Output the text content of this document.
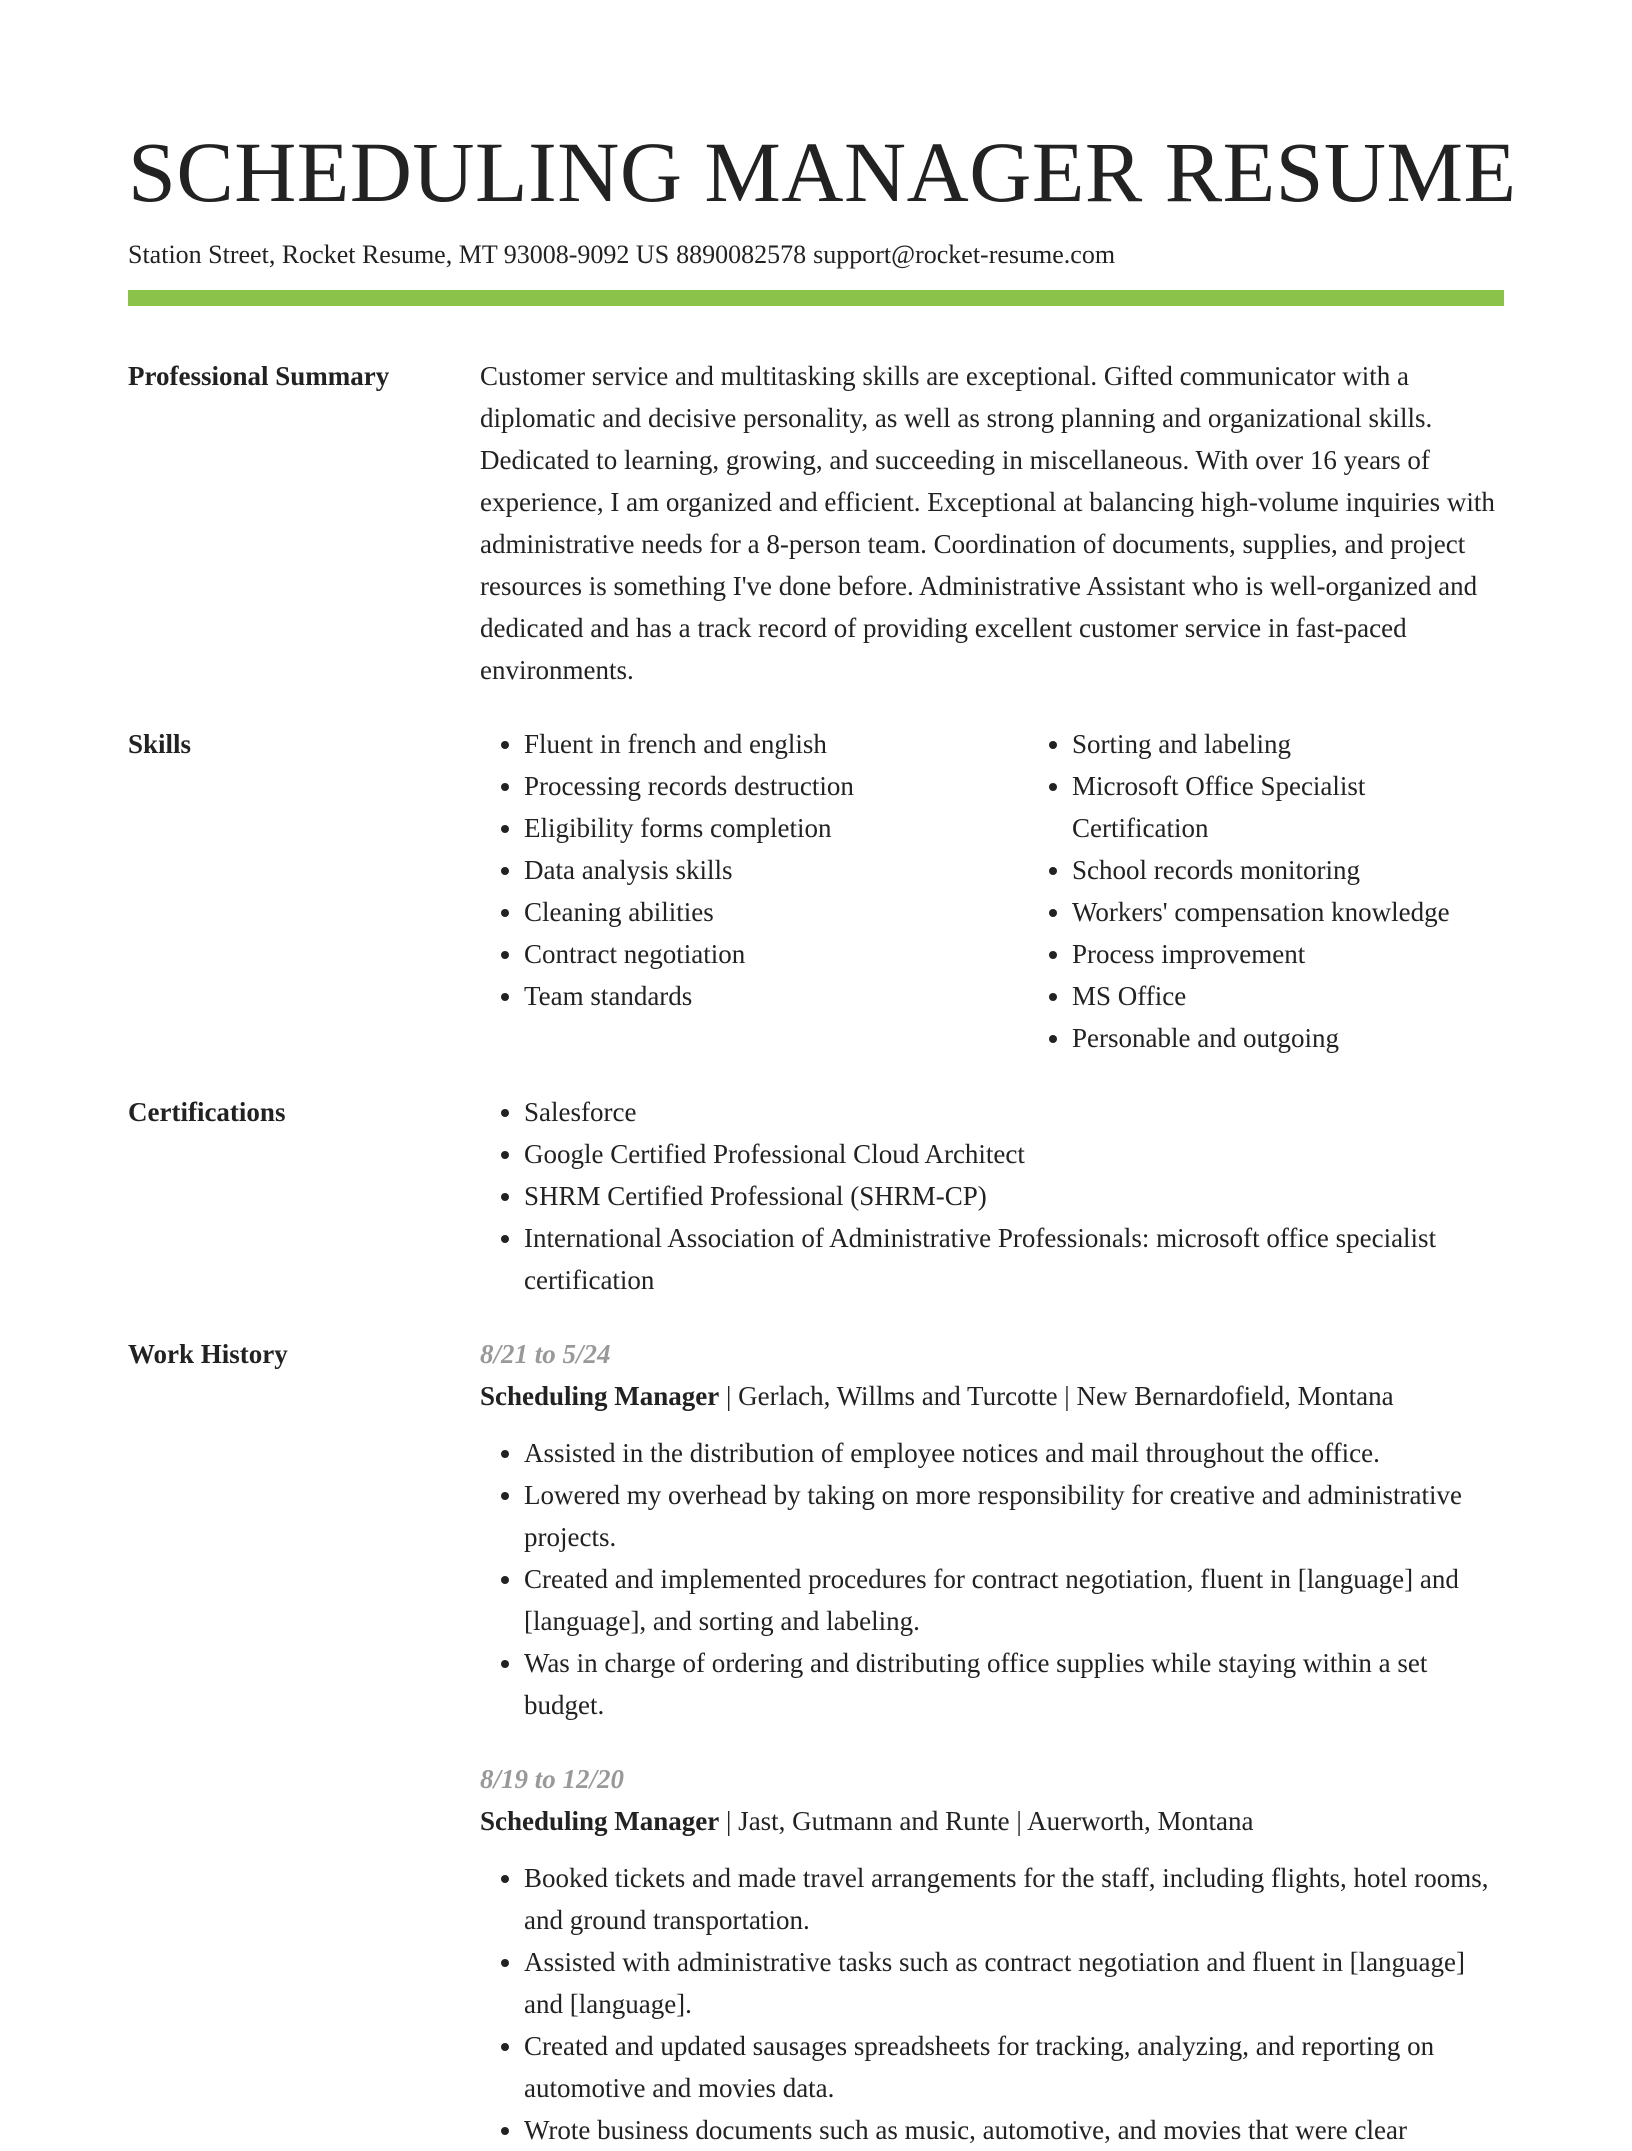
SCHEDULING MANAGER RESUME
Station Street, Rocket Resume, MT 93008-9092 US 8890082578 support@rocket-resume.com
Professional Summary	Customer service and multitasking skills are exceptional. Gifted communicator with a diplomatic and decisive personality, as well as strong planning and organizational skills. Dedicated to learning, growing, and succeeding in miscellaneous. With over 16 years of experience, I am organized and efficient. Exceptional at balancing high-volume inquiries with administrative needs for a 8-person team. Coordination of documents, supplies, and project resources is something I've done before. Administrative Assistant who is well-organized and dedicated and has a track record of providing excellent customer service in fast-paced environments.

Skills	• Fluent in french and english
• Processing records destruction
• Eligibility forms completion
• Data analysis skills
• Cleaning abilities
• Contract negotiation
• Team standards
• Sorting and labeling
• Microsoft Office Specialist Certification
• School records monitoring
• Workers' compensation knowledge
• Process improvement
• MS Office
• Personable and outgoing
Certifications	• Salesforce
• Google Certified Professional Cloud Architect
• SHRM Certified Professional (SHRM-CP)
• International Association of Administrative Professionals: microsoft office specialist certification
Work History	8/21 to 5/24
Scheduling Manager | Gerlach, Willms and Turcotte | New Bernardofield, Montana
• Assisted in the distribution of employee notices and mail throughout the office.
• Lowered my overhead by taking on more responsibility for creative and administrative projects.
• Created and implemented procedures for contract negotiation, fluent in [language] and [language], and sorting and labeling.
• Was in charge of ordering and distributing office supplies while staying within a set budget.
8/19 to 12/20
Scheduling Manager | Jast, Gutmann and Runte | Auerworth, Montana
• Booked tickets and made travel arrangements for the staff, including flights, hotel rooms, and ground transportation.
• Assisted with administrative tasks such as contract negotiation and fluent in [language] and [language].
• Created and updated sausages spreadsheets for tracking, analyzing, and reporting on automotive and movies data.
• Wrote business documents such as music, automotive, and movies that were clear
